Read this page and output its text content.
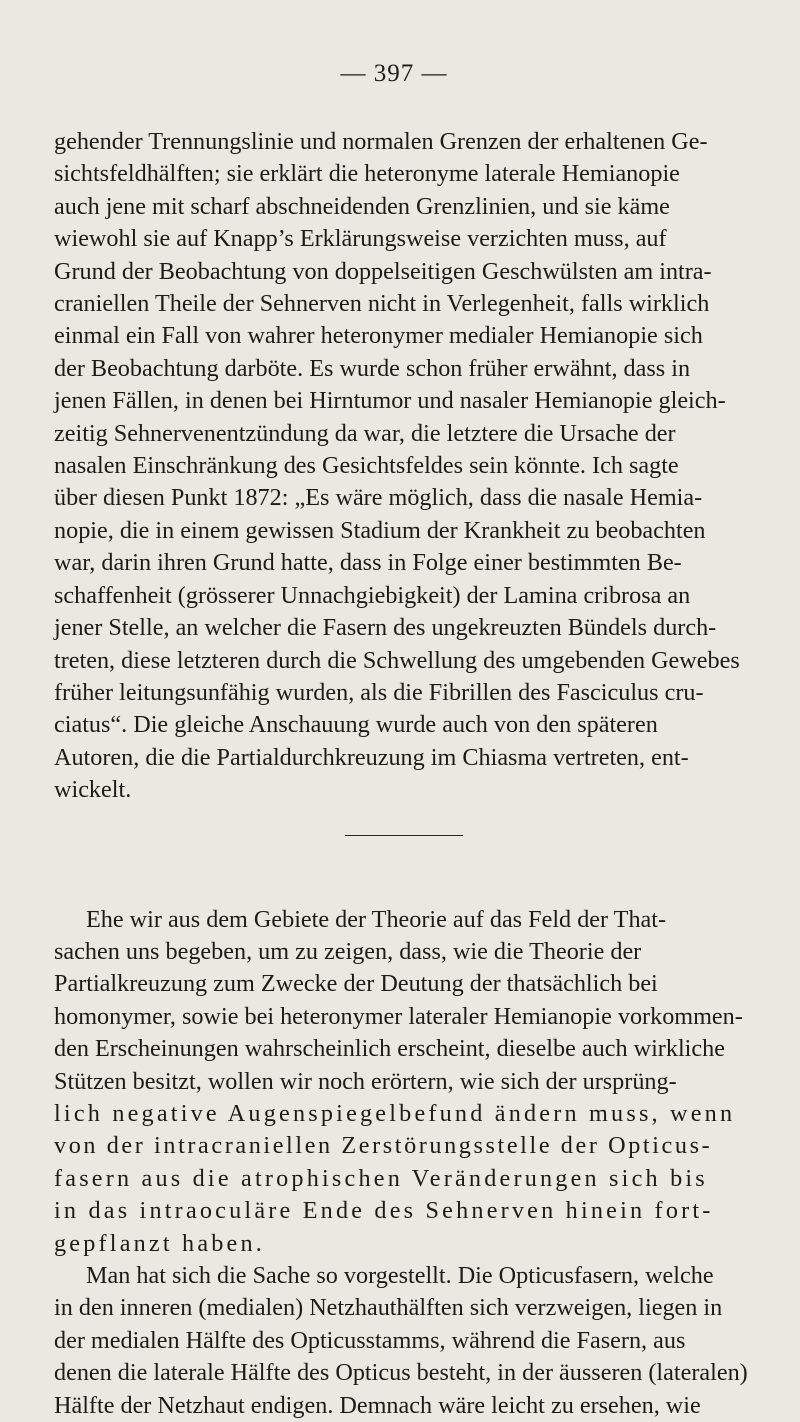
— 397 —

gehender Trennungslinie und normalen Grenzen der erhaltenen Ge-

sichtsfeldhälften; sie erklärt die heteronyme laterale Hemianopie

auch jene mit scharf abschneidenden Grenzlinien, und sie käme

wiewohl sie auf Knapp’s Erklärungsweise verzichten muss, auf

Grund der Beobachtung von doppelseitigen Geschwülsten am intra-

craniellen Theile der Sehnerven nicht in Verlegenheit, falls wirklich

einmal ein Fall von wahrer heteronymer medialer Hemianopie sich

der Beobachtung darböte. Es wurde schon früher erwähnt, dass in

jenen Fällen, in denen bei Hirntumor und nasaler Hemianopie gleich-

zeitig Sehnervenentzündung da war, die letztere die Ursache der

nasalen Einschränkung des Gesichtsfeldes sein könnte. Ich sagte

über diesen Punkt 1872: „Es wäre möglich, dass die nasale Hemia-

nopie, die in einem gewissen Stadium der Krankheit zu beobachten

war, darin ihren Grund hatte, dass in Folge einer bestimmten Be-

schaffenheit (grösserer Unnachgiebigkeit) der Lamina cribrosa an

jener Stelle, an welcher die Fasern des ungekreuzten Bündels durch-

treten, diese letzteren durch die Schwellung des umgebenden Gewebes

früher leitungsunfähig wurden, als die Fibrillen des Fasciculus cru-

ciatus“. Die gleiche Anschauung wurde auch von den späteren

Autoren, die die Partialdurchkreuzung im Chiasma vertreten, ent-

wickelt.

Ehe wir aus dem Gebiete der Theorie auf das Feld der That-

sachen uns begeben, um zu zeigen, dass, wie die Theorie der

Partialkreuzung zum Zwecke der Deutung der thatsächlich bei

homonymer, sowie bei heteronymer lateraler Hemianopie vorkommen-

den Erscheinungen wahrscheinlich erscheint, dieselbe auch wirkliche

Stützen besitzt, wollen wir noch erörtern, wie sich der ursprüng-

lich negative Augenspiegelbefund ändern muss, wenn

von der intracraniellen Zerstörungsstelle der Opticus-

fasern aus die atrophischen Veränderungen sich bis

in das intraoculäre Ende des Sehnerven hinein fort-

gepflanzt haben.

Man hat sich die Sache so vorgestellt. Die Opticusfasern, welche

in den inneren (medialen) Netzhauthälften sich verzweigen, liegen in

der medialen Hälfte des Opticusstamms, während die Fasern, aus

denen die laterale Hälfte des Opticus besteht, in der äusseren (lateralen)

Hälfte der Netzhaut endigen. Demnach wäre leicht zu ersehen, wie
